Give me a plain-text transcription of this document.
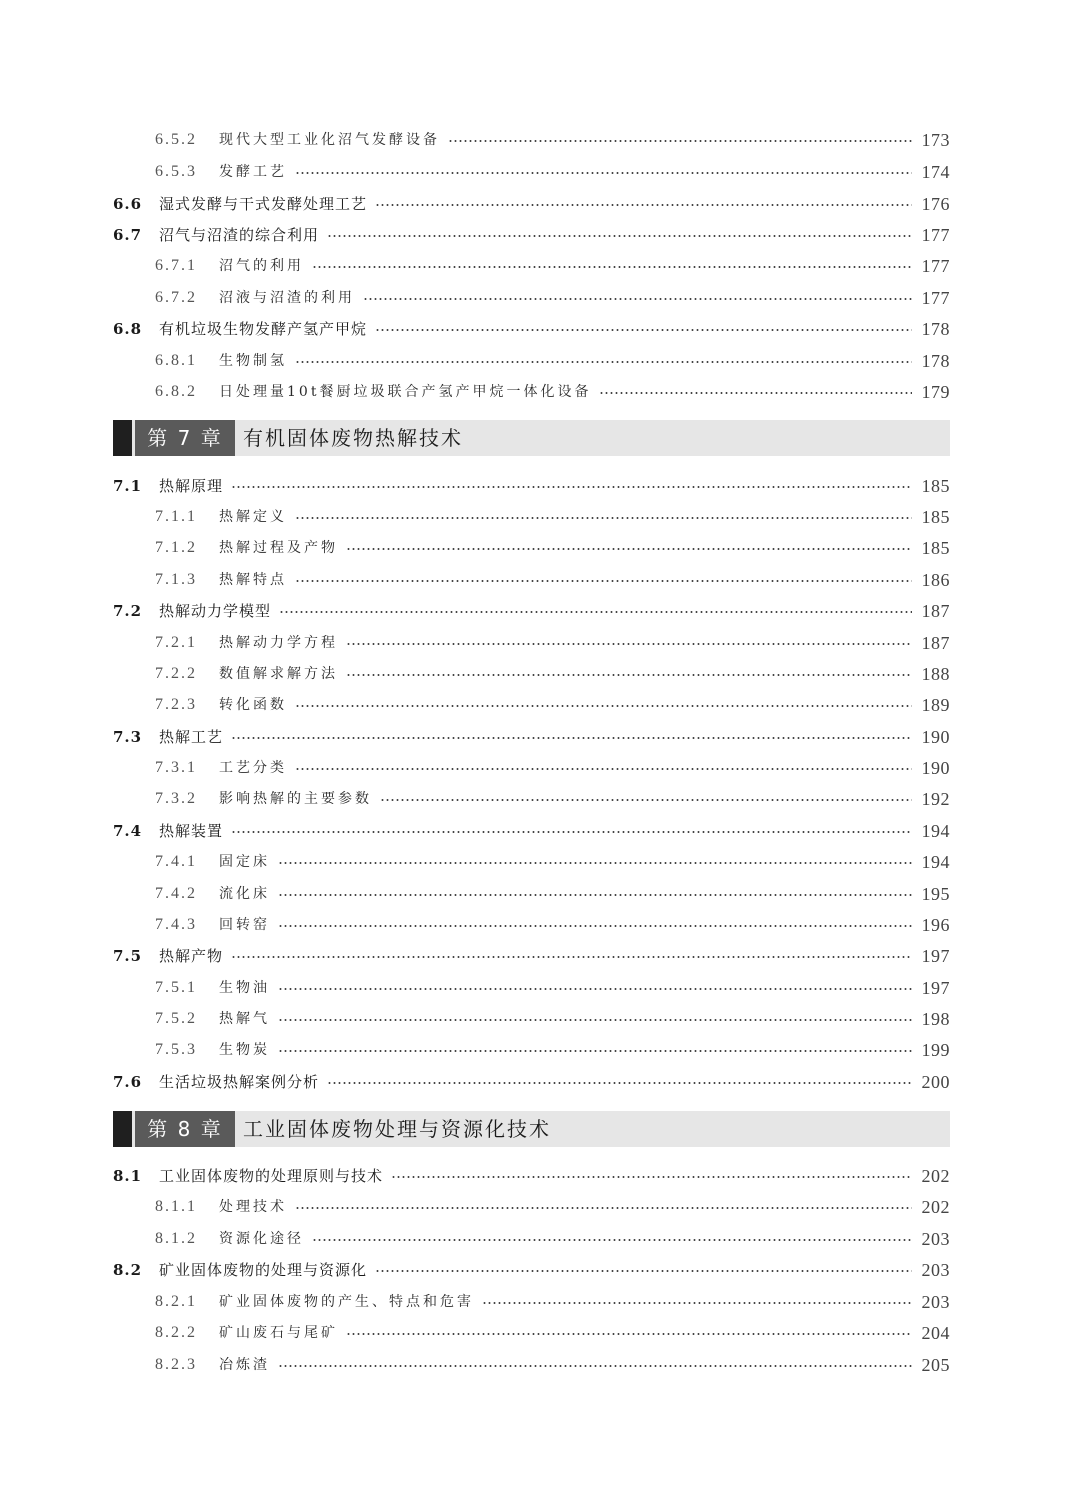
6.5.2 现代大型工业化沼气发酵设备	173
6.5.3 发酵工艺	174
6.6 湿式发酵与干式发酵处理工艺	176
6.7 沼气与沼渣的综合利用	177
6.7.1 沼气的利用	177
6.7.2 沼液与沼渣的利用	177
6.8 有机垃圾生物发酵产氢产甲烷	178
6.8.1 生物制氢	178
6.8.2 日处理量10t餐厨垃圾联合产氢产甲烷一体化设备	179
第 7 章	有机固体废物热解技术
7.1 热解原理	185
7.1.1 热解定义	185
7.1.2 热解过程及产物	185
7.1.3 热解特点	186
7.2 热解动力学模型	187
7.2.1 热解动力学方程	187
7.2.2 数值解求解方法	188
7.2.3 转化函数	189
7.3 热解工艺	190
7.3.1 工艺分类	190
7.3.2 影响热解的主要参数	192
7.4 热解装置	194
7.4.1 固定床	194
7.4.2 流化床	195
7.4.3 回转窑	196
7.5 热解产物	197
7.5.1 生物油	197
7.5.2 热解气	198
7.5.3 生物炭	199
7.6 生活垃圾热解案例分析	200
第 8 章	工业固体废物处理与资源化技术
8.1 工业固体废物的处理原则与技术	202
8.1.1 处理技术	202
8.1.2 资源化途径	203
8.2 矿业固体废物的处理与资源化	203
8.2.1 矿业固体废物的产生、特点和危害	203
8.2.2 矿山废石与尾矿	204
8.2.3 冶炼渣	205
